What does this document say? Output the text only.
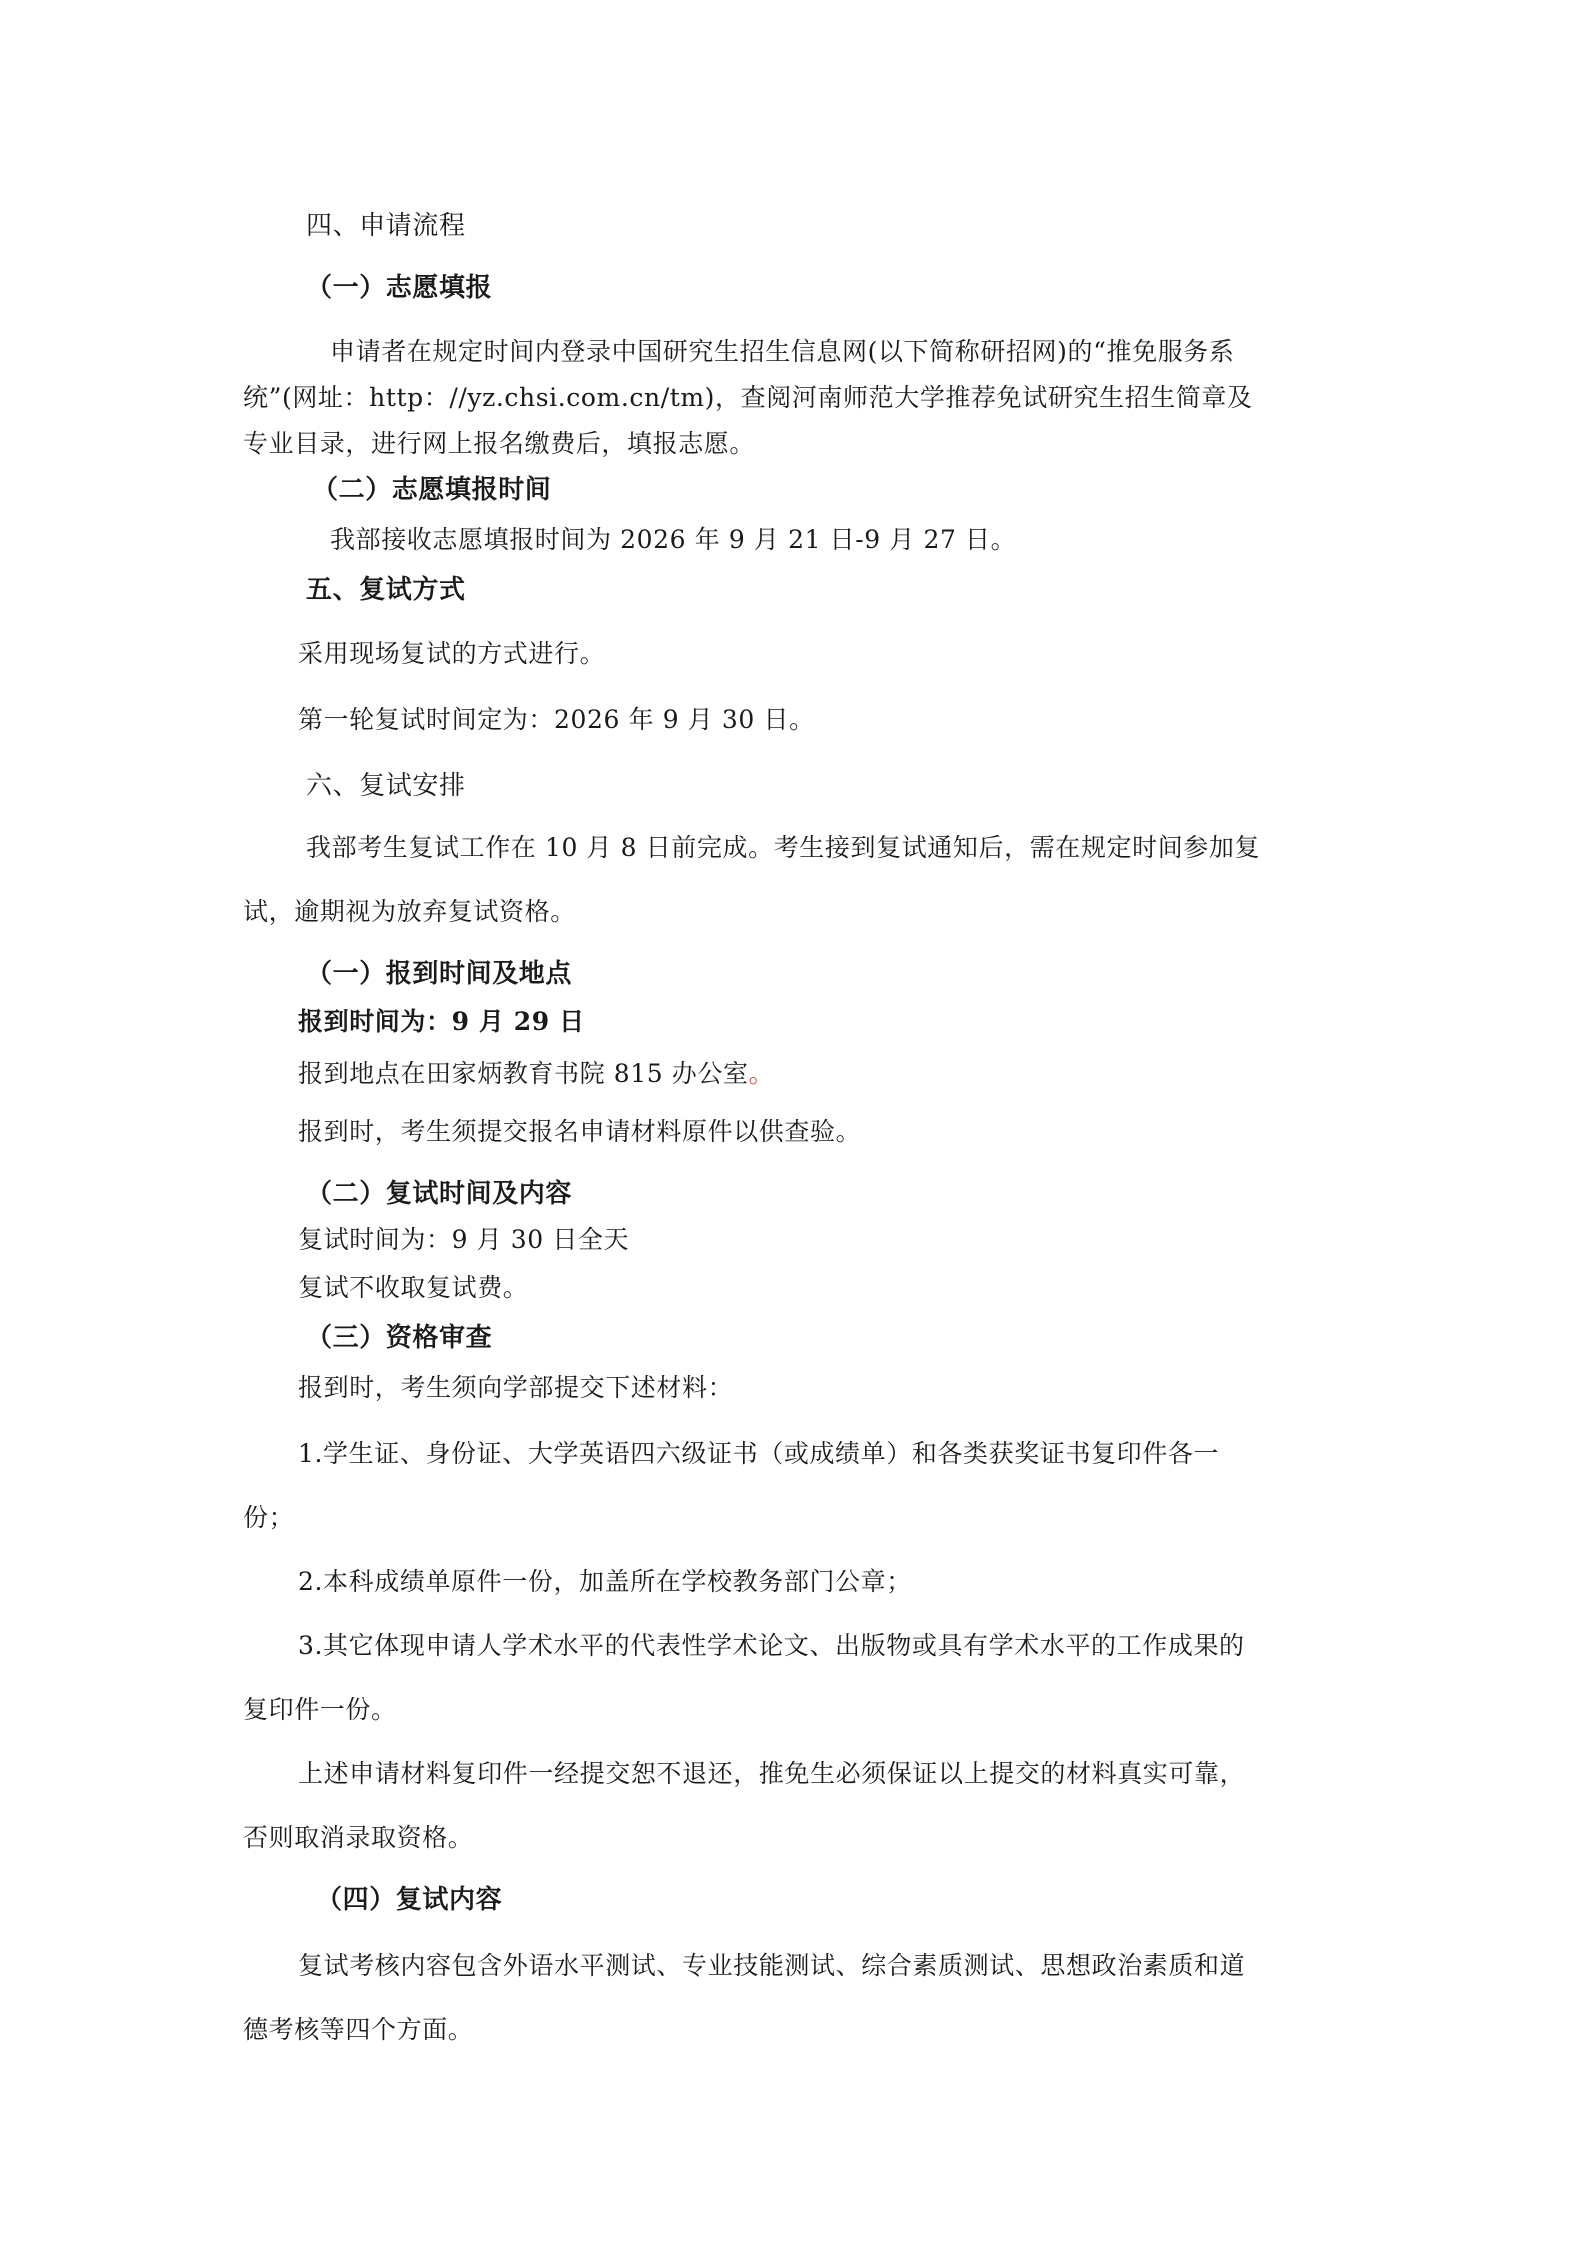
四、申请流程
（一）志愿填报
申请者在规定时间内登录中国研究生招生信息网(以下简称研招网)的“推免服务系
统”(网址：http：//yz.chsi.com.cn/tm)，查阅河南师范大学推荐免试研究生招生简章及
专业目录，进行网上报名缴费后，填报志愿。
（二）志愿填报时间
我部接收志愿填报时间为 2026 年 9 月 21 日-9 月 27 日。
五、复试方式
采用现场复试的方式进行。
第一轮复试时间定为：2026 年 9 月 30 日。
六、复试安排
我部考生复试工作在 10 月 8 日前完成。考生接到复试通知后，需在规定时间参加复
试，逾期视为放弃复试资格。
（一）报到时间及地点
报到时间为：9 月 29 日
报到地点在田家炳教育书院 815 办公室。
报到时，考生须提交报名申请材料原件以供查验。
（二）复试时间及内容
复试时间为：9 月 30 日全天
复试不收取复试费。
（三）资格审查
报到时，考生须向学部提交下述材料：
1.学生证、身份证、大学英语四六级证书（或成绩单）和各类获奖证书复印件各一
份；
2.本科成绩单原件一份，加盖所在学校教务部门公章；
3.其它体现申请人学术水平的代表性学术论文、出版物或具有学术水平的工作成果的
复印件一份。
上述申请材料复印件一经提交恕不退还，推免生必须保证以上提交的材料真实可靠，
否则取消录取资格。
（四）复试内容
复试考核内容包含外语水平测试、专业技能测试、综合素质测试、思想政治素质和道
德考核等四个方面。
